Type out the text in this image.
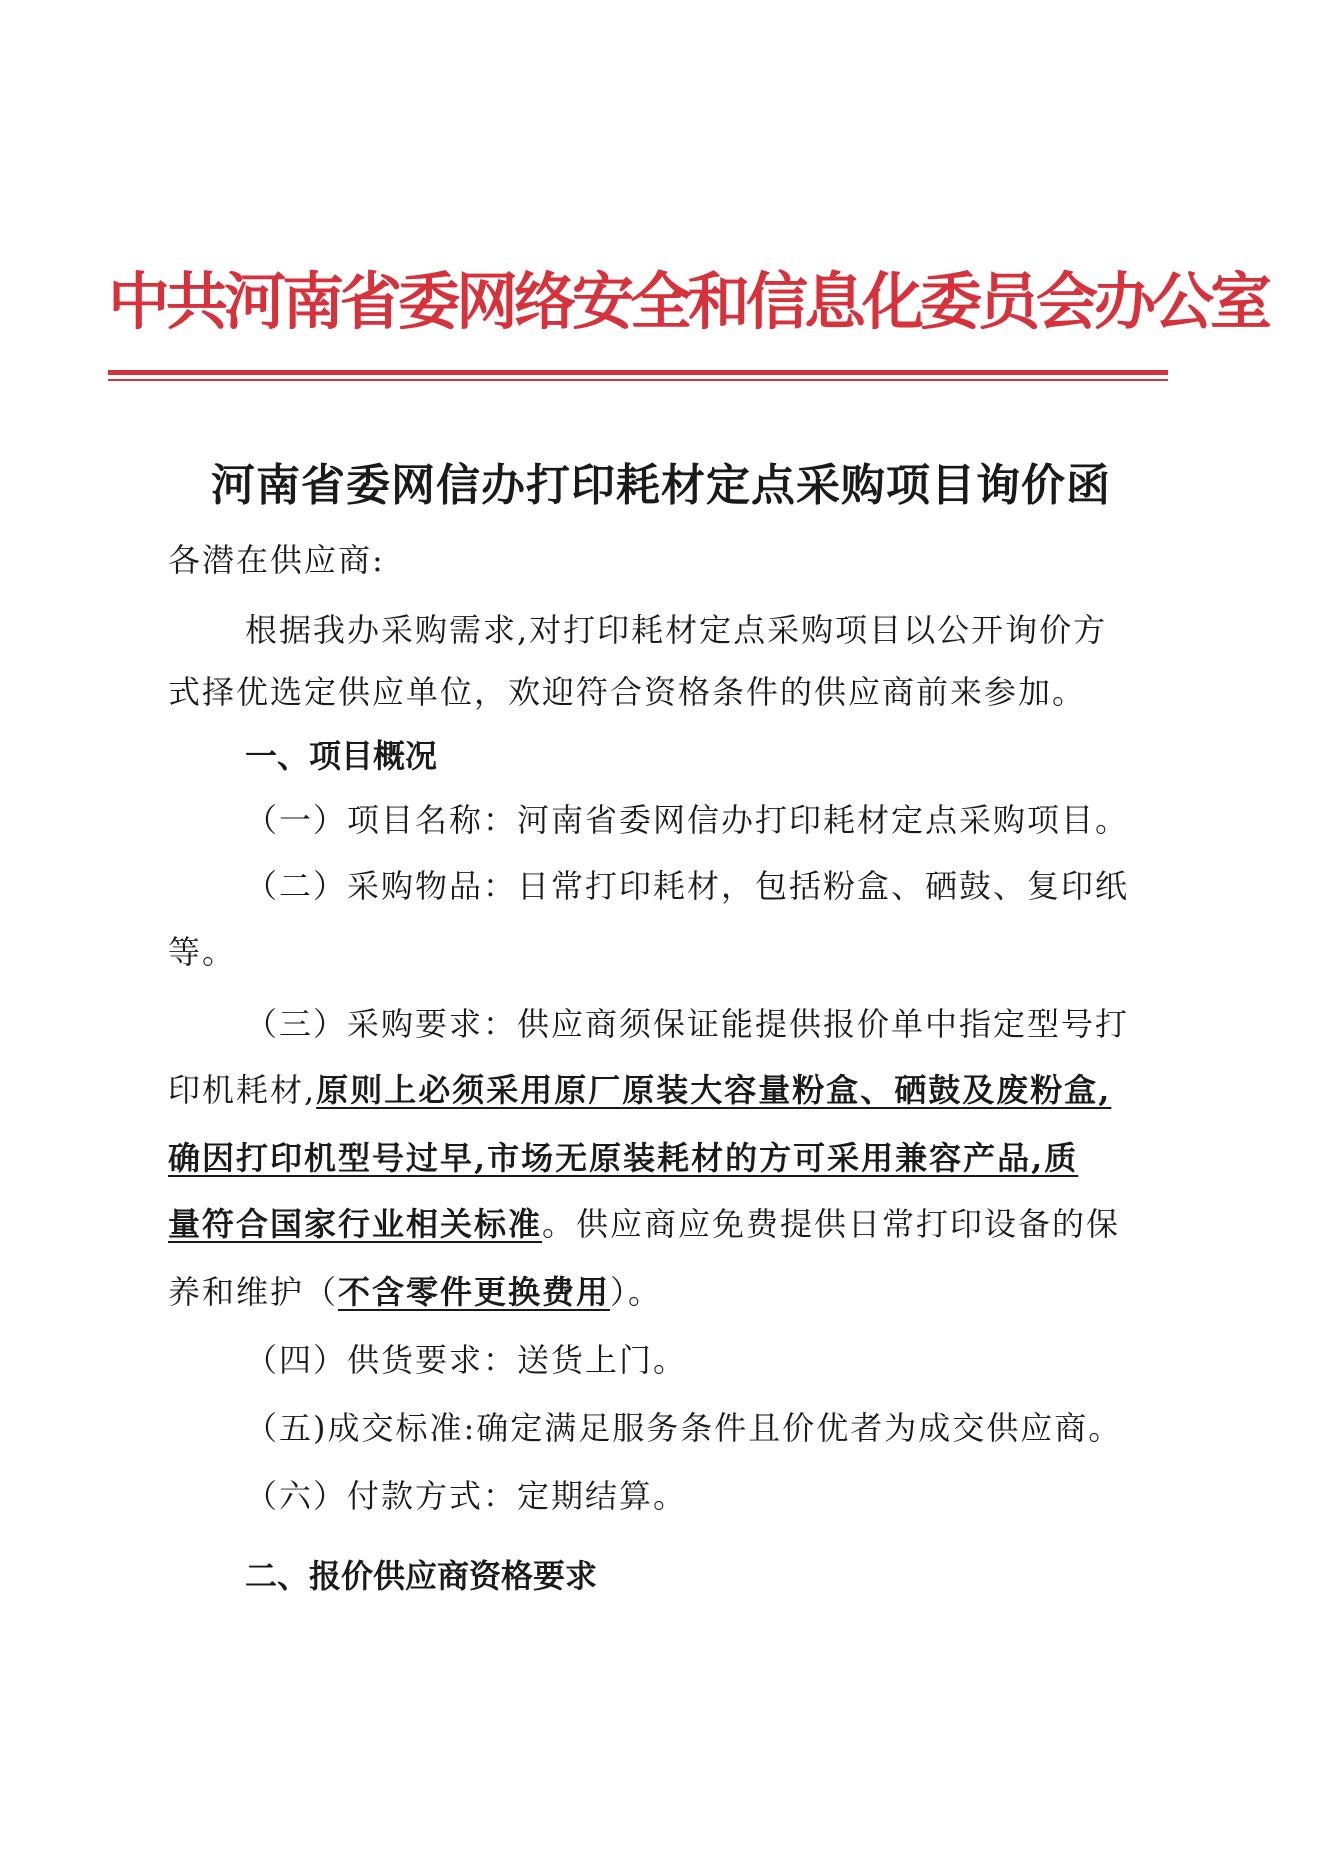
中共河南省委网络安全和信息化委员会办公室
河南省委网信办打印耗材定点采购项目询价函
各潜在供应商:
根据我办采购需求,对打印耗材定点采购项目以公开询价方
式择优选定供应单位，欢迎符合资格条件的供应商前来参加。
一、项目概况
（一）项目名称：河南省委网信办打印耗材定点采购项目。
（二）采购物品：日常打印耗材，包括粉盒、硒鼓、复印纸
等。
（三）采购要求：供应商须保证能提供报价单中指定型号打
印机耗材,原则上必须采用原厂原装大容量粉盒、硒鼓及废粉盒,
确因打印机型号过早,市场无原装耗材的方可采用兼容产品,质
量符合国家行业相关标准。供应商应免费提供日常打印设备的保
养和维护（不含零件更换费用）。
（四）供货要求：送货上门。
（五)成交标准:确定满足服务条件且价优者为成交供应商。
（六）付款方式：定期结算。
二、报价供应商资格要求
